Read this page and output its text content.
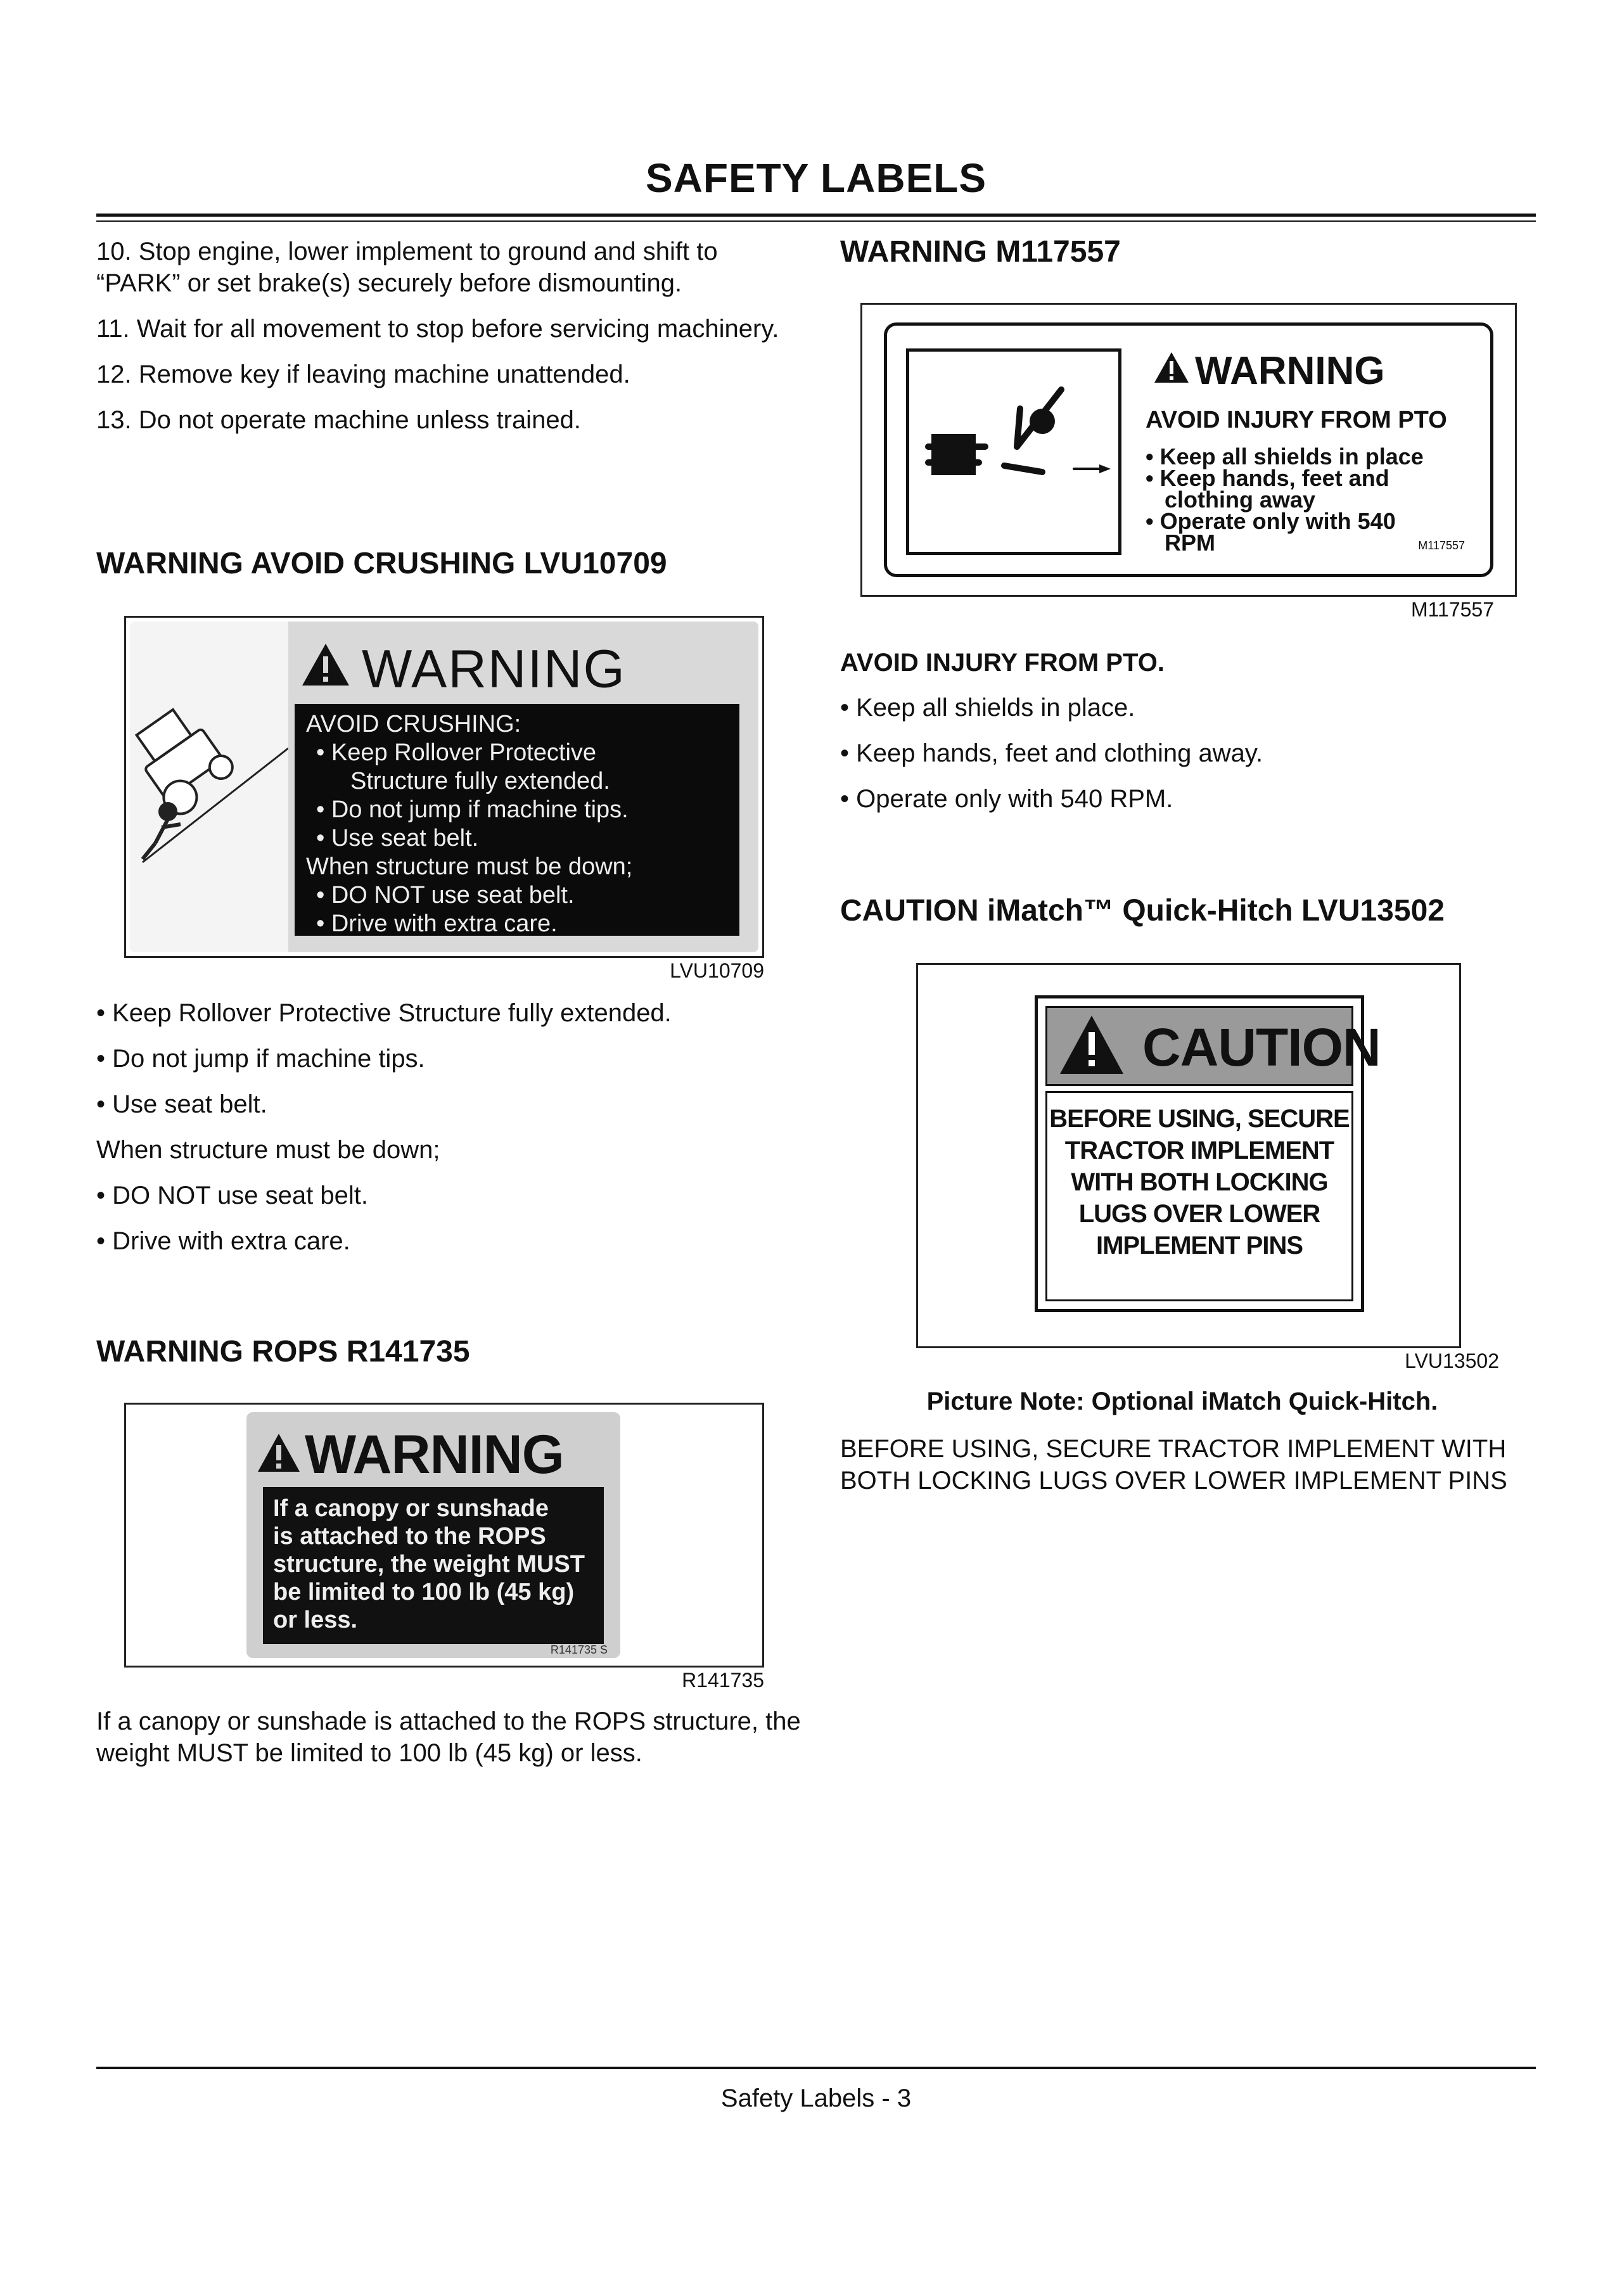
SAFETY LABELS

10. Stop engine, lower implement to ground and shift to “PARK” or set brake(s) securely before dismounting.

11. Wait for all movement to stop before servicing machinery.

12. Remove key if leaving machine unattended.

13. Do not operate machine unless trained.

WARNING AVOID CRUSHING LVU10709
WARNING
AVOID CRUSHING:
• Keep Rollover Protective
Structure fully extended.
• Do not jump if machine tips.
• Use seat belt.
When structure must be down;
• DO NOT use seat belt.
• Drive with extra care.
LVU10709

• Keep Rollover Protective Structure fully extended.

• Do not jump if machine tips.

• Use seat belt.

When structure must be down;

• DO NOT use seat belt.

• Drive with extra care.

WARNING ROPS R141735
WARNING
If a canopy or sunshade
is attached to the ROPS
structure, the weight MUST
be limited to 100 lb (45 kg)
or less.
R141735 S
R141735

If a canopy or sunshade is attached to the ROPS structure, the weight MUST be limited to 100 lb (45 kg) or less.

WARNING M117557
WARNING
AVOID INJURY FROM PTO
• Keep all shields in place
• Keep hands, feet and
clothing away
• Operate only with 540
RPM	M117557
M117557
AVOID INJURY FROM PTO.

• Keep all shields in place.

• Keep hands, feet and clothing away.

• Operate only with 540 RPM.

CAUTION iMatch™ Quick-Hitch LVU13502
CAUTION
BEFORE USING, SECURE
TRACTOR IMPLEMENT
WITH BOTH LOCKING
LUGS OVER LOWER
IMPLEMENT PINS
LVU13502
Picture Note: Optional iMatch Quick-Hitch.

BEFORE USING, SECURE TRACTOR IMPLEMENT WITH BOTH LOCKING LUGS OVER LOWER IMPLEMENT PINS

Safety Labels - 3
